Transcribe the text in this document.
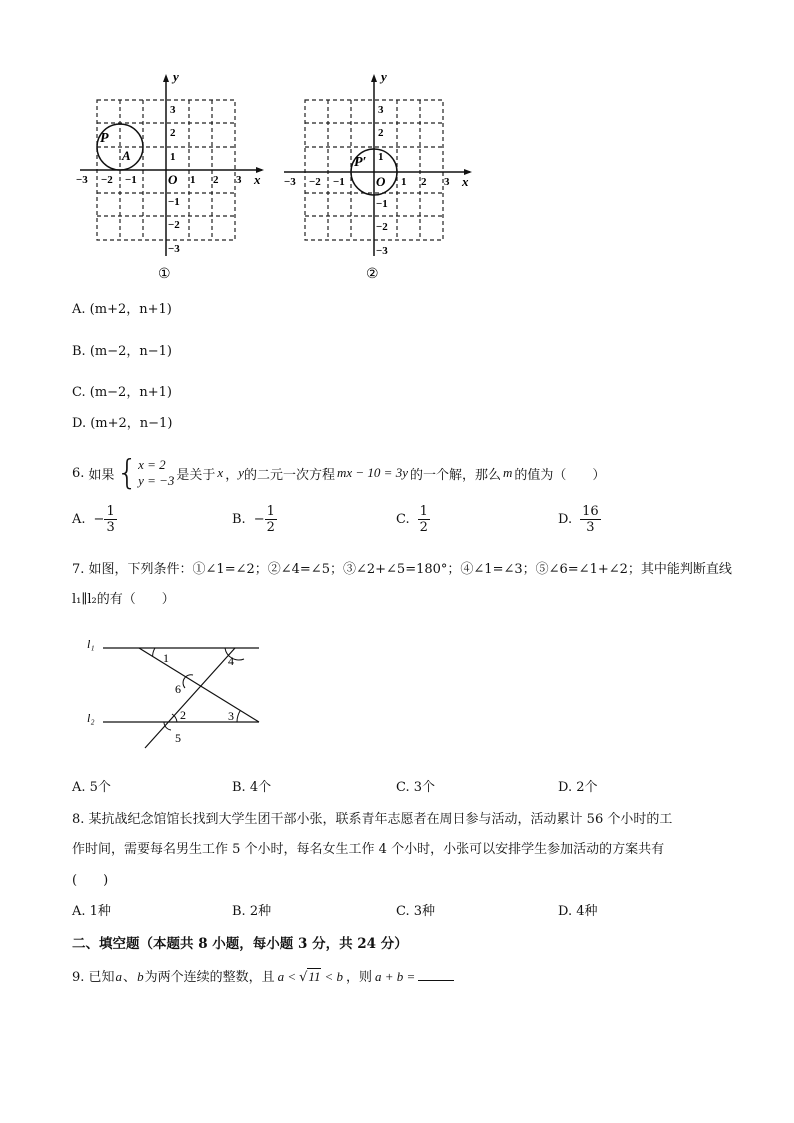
y
x
O
P
A
−3 −2 −1	1 2 3
3
2
1
−1
−2
−3
①
y
x
O
P′
−3 −2 −1	1 2 3
3
2
1
−1
−2
−3
②
A. (m+2，n+1)
B. (m−2，n−1)
C. (m−2，n+1)
D. (m+2，n−1)
6. 如果 { x = 2
y = −3 是关于 x ， y 的二元一次方程 mx − 10 = 3y 的一个解，那么 m 的值为（　　）
A. − $\frac{1}{3}$	B. − $\frac{1}{2}$	C. $\frac{1}{2}$	D. $\frac{16}{3}$
7. 如图，下列条件：①∠1=∠2；②∠4=∠5；③∠2+∠5=180°；④∠1=∠3；⑤∠6=∠1+∠2；其中能判断直线
l₁∥l₂的有（　　）
l₁
l₂
1	4
6
2	3
5
A. 5个	B. 4个	C. 3个	D. 2个
8. 某抗战纪念馆馆长找到大学生团干部小张，联系青年志愿者在周日参与活动，活动累计 56 个小时的工
作时间，需要每名男生工作 5 个小时，每名女生工作 4 个小时，小张可以安排学生参加活动的方案共有
(　　)
A. 1种	B. 2种	C. 3种	D. 4种
二、填空题（本题共 8 小题，每小题 3 分，共 24 分）
9. 已知 a 、 b 为两个连续的整数，且 a < √ 11 < b ，则 a + b =
